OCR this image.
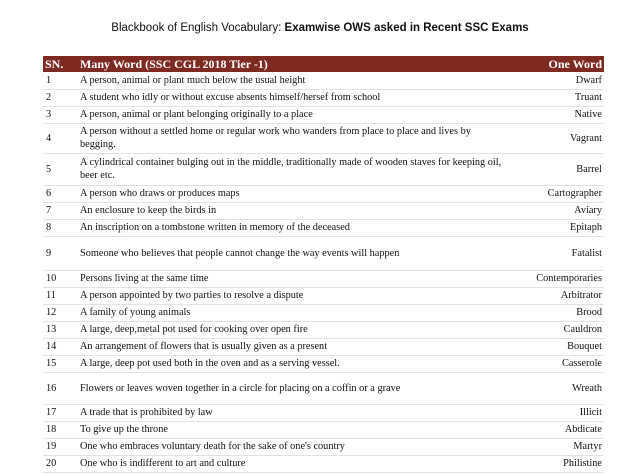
Blackbook of English Vocabulary: Examwise OWS asked in Recent SSC Exams
SN.	Many Word (SSC CGL 2018 Tier -1)	One Word
1	A person, animal or plant much below the usual height	Dwarf
2	A student who idly or without excuse absents himself/hersef from school	Truant
3	A person, animal or plant belonging originally to a place	Native
4	A person without a settled home or regular work who wanders from place to place and lives by begging.	Vagrant
5	A cylindrical container bulging out in the middle, traditionally made of wooden staves for keeping oil, beer etc.	Barrel
6	A person who draws or produces maps	Cartographer
7	An enclosure to keep the birds in	Aviary
8	An inscription on a tombstone written in memory of the deceased	Epitaph
9	Someone who believes that people cannot change the way events will happen	Fatalist
10	Persons living at the same time	Contemporaries
11	A person appointed by two parties to resolve a dispute	Arbitrator
12	A family of young animals	Brood
13	A large, deep,metal pot used for cooking over open fire	Cauldron
14	An arrangement of flowers that is usually given as a present	Bouquet
15	A large, deep pot used both in the oven and as a serving vessel.	Casserole
16	Flowers or leaves woven together in a circle for placing on a coffin or a grave	Wreath
17	A trade that is prohibited by law	Illicit
18	To give up the throne	Abdicate
19	One who embraces voluntary death for the sake of one's country	Martyr
20	One who is indifferent to art and culture	Philistine
